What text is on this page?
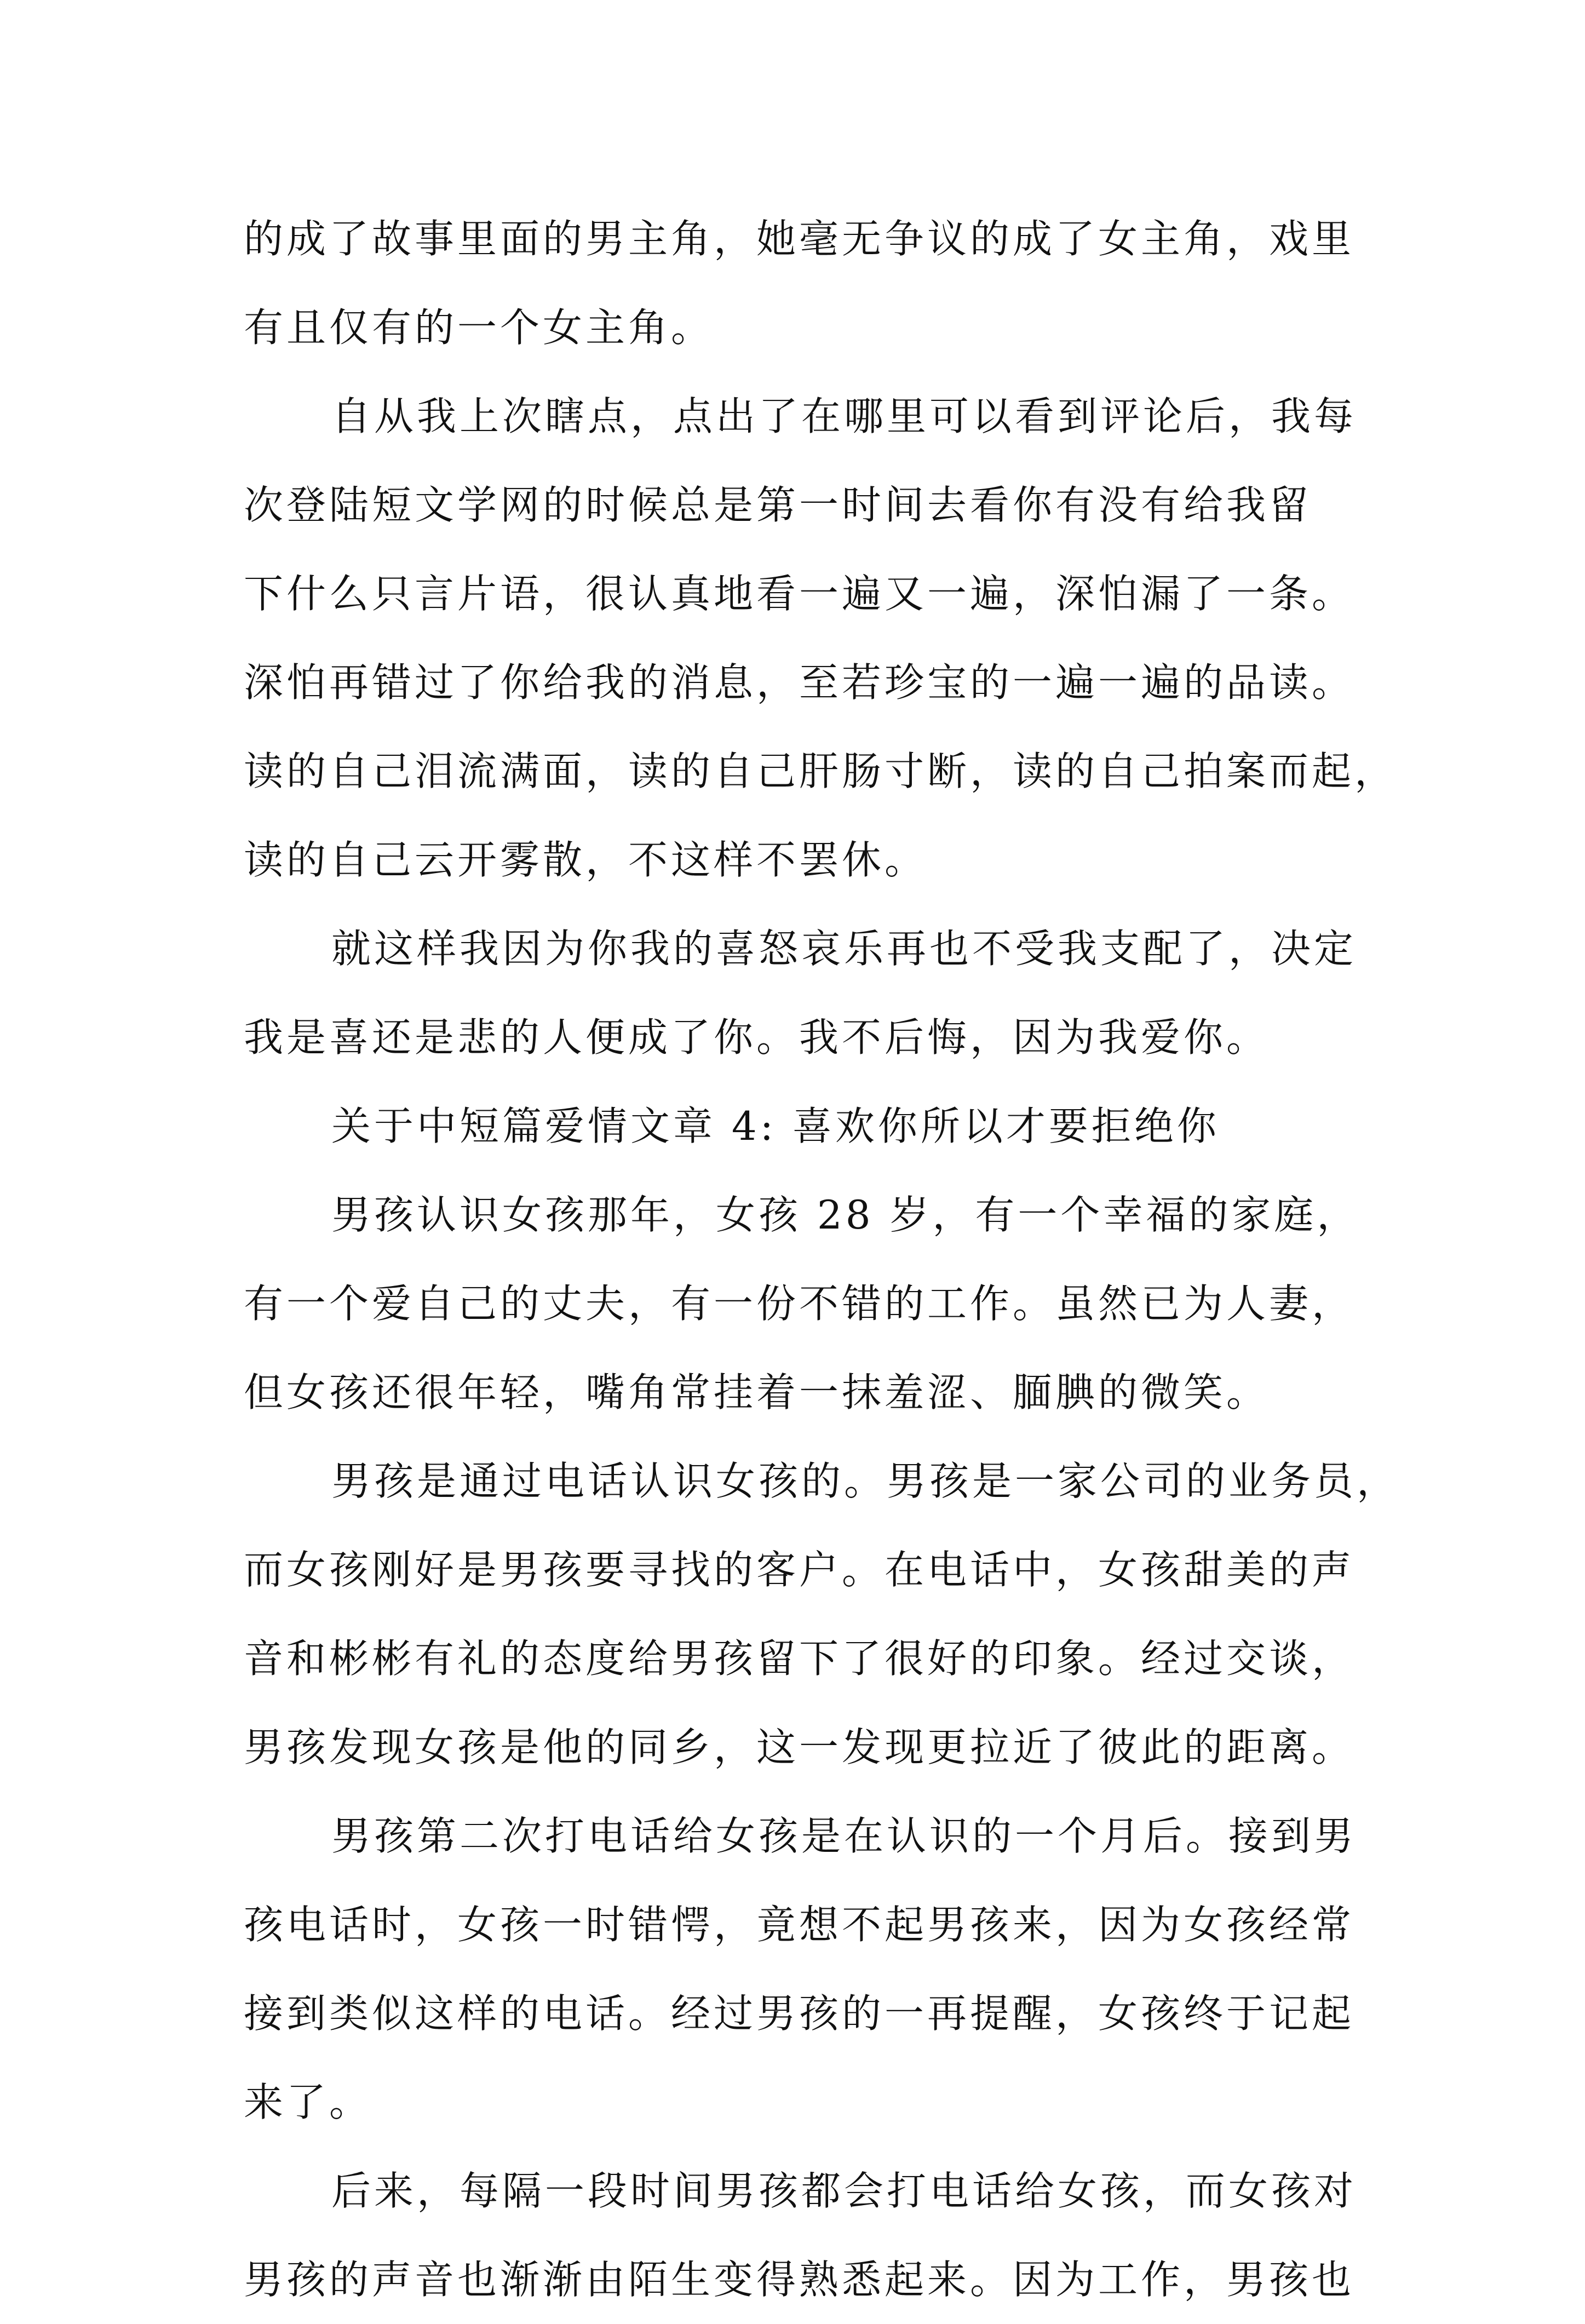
的成了故事里面的男主角，她毫无争议的成了女主角，戏里
有且仅有的一个女主角。
自从我上次瞎点，点出了在哪里可以看到评论后，我每
次登陆短文学网的时候总是第一时间去看你有没有给我留
下什么只言片语，很认真地看一遍又一遍，深怕漏了一条。
深怕再错过了你给我的消息，至若珍宝的一遍一遍的品读。
读的自己泪流满面，读的自己肝肠寸断，读的自己拍案而起，
读的自己云开雾散，不这样不罢休。
就这样我因为你我的喜怒哀乐再也不受我支配了，决定
我是喜还是悲的人便成了你。我不后悔，因为我爱你。
关于中短篇爱情文章 4: 喜欢你所以才要拒绝你
男孩认识女孩那年，女孩 28 岁，有一个幸福的家庭，
有一个爱自己的丈夫，有一份不错的工作。虽然已为人妻，
但女孩还很年轻，嘴角常挂着一抹羞涩、腼腆的微笑。
男孩是通过电话认识女孩的。男孩是一家公司的业务员，
而女孩刚好是男孩要寻找的客户。在电话中，女孩甜美的声
音和彬彬有礼的态度给男孩留下了很好的印象。经过交谈，
男孩发现女孩是他的同乡，这一发现更拉近了彼此的距离。
男孩第二次打电话给女孩是在认识的一个月后。接到男
孩电话时，女孩一时错愕，竟想不起男孩来，因为女孩经常
接到类似这样的电话。经过男孩的一再提醒，女孩终于记起
来了。
后来，每隔一段时间男孩都会打电话给女孩，而女孩对
男孩的声音也渐渐由陌生变得熟悉起来。因为工作，男孩也
